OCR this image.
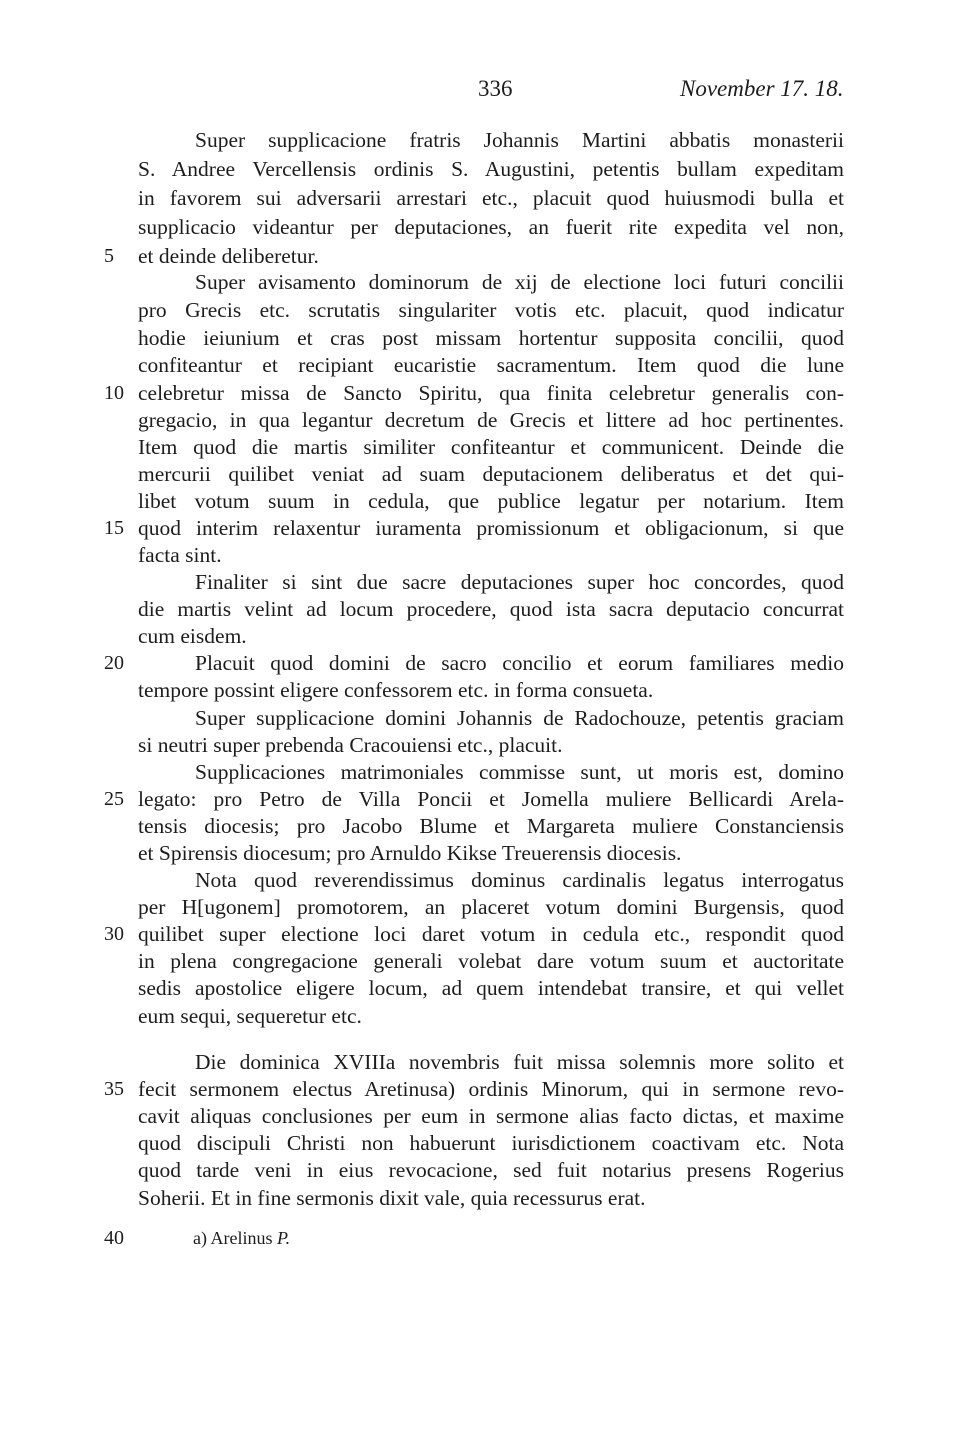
336	November 17. 18.
Super supplicacione fratris Johannis Martini abbatis monasterii
S. Andree Vercellensis ordinis S. Augustini, petentis bullam expeditam
in favorem sui adversarii arrestari etc., placuit quod huiusmodi bulla et
supplicacio videantur per deputaciones, an fuerit rite expedita vel non,
et deinde deliberetur.
Super avisamento dominorum de xij de electione loci futuri concilii
pro Grecis etc. scrutatis singulariter votis etc. placuit, quod indicatur
hodie ieiunium et cras post missam hortentur supposita concilii, quod
confiteantur et recipiant eucaristie sacramentum. Item quod die lune
celebretur missa de Sancto Spiritu, qua finita celebretur generalis con-
gregacio, in qua legantur decretum de Grecis et littere ad hoc pertinentes.
Item quod die martis similiter confiteantur et communicent. Deinde die
mercurii quilibet veniat ad suam deputacionem deliberatus et det qui-
libet votum suum in cedula, que publice legatur per notarium. Item
quod interim relaxentur iuramenta promissionum et obligacionum, si que
facta sint.
Finaliter si sint due sacre deputaciones super hoc concordes, quod
die martis velint ad locum procedere, quod ista sacra deputacio concurrat
cum eisdem.
Placuit quod domini de sacro concilio et eorum familiares medio
tempore possint eligere confessorem etc. in forma consueta.
Super supplicacione domini Johannis de Radochouze, petentis graciam
si neutri super prebenda Cracouiensi etc., placuit.
Supplicaciones matrimoniales commisse sunt, ut moris est, domino
legato: pro Petro de Villa Poncii et Jomella muliere Bellicardi Arela-
tensis diocesis; pro Jacobo Blume et Margareta muliere Constanciensis
et Spirensis diocesum; pro Arnuldo Kikse Treuerensis diocesis.
Nota quod reverendissimus dominus cardinalis legatus interrogatus
per H[ugonem] promotorem, an placeret votum domini Burgensis, quod
quilibet super electione loci daret votum in cedula etc., respondit quod
in plena congregacione generali volebat dare votum suum et auctoritate
sedis apostolice eligere locum, ad quem intendebat transire, et qui vellet
eum sequi, sequeretur etc.
Die dominica XVIIIa novembris fuit missa solemnis more solito et
fecit sermonem electus Aretinusa) ordinis Minorum, qui in sermone revo-
cavit aliquas conclusiones per eum in sermone alias facto dictas, et maxime
quod discipuli Christi non habuerunt iurisdictionem coactivam etc. Nota
quod tarde veni in eius revocacione, sed fuit notarius presens Rogerius
Soherii. Et in fine sermonis dixit vale, quia recessurus erat.
5
10
15
20
25
30
35
40	a) Arelinus P.
